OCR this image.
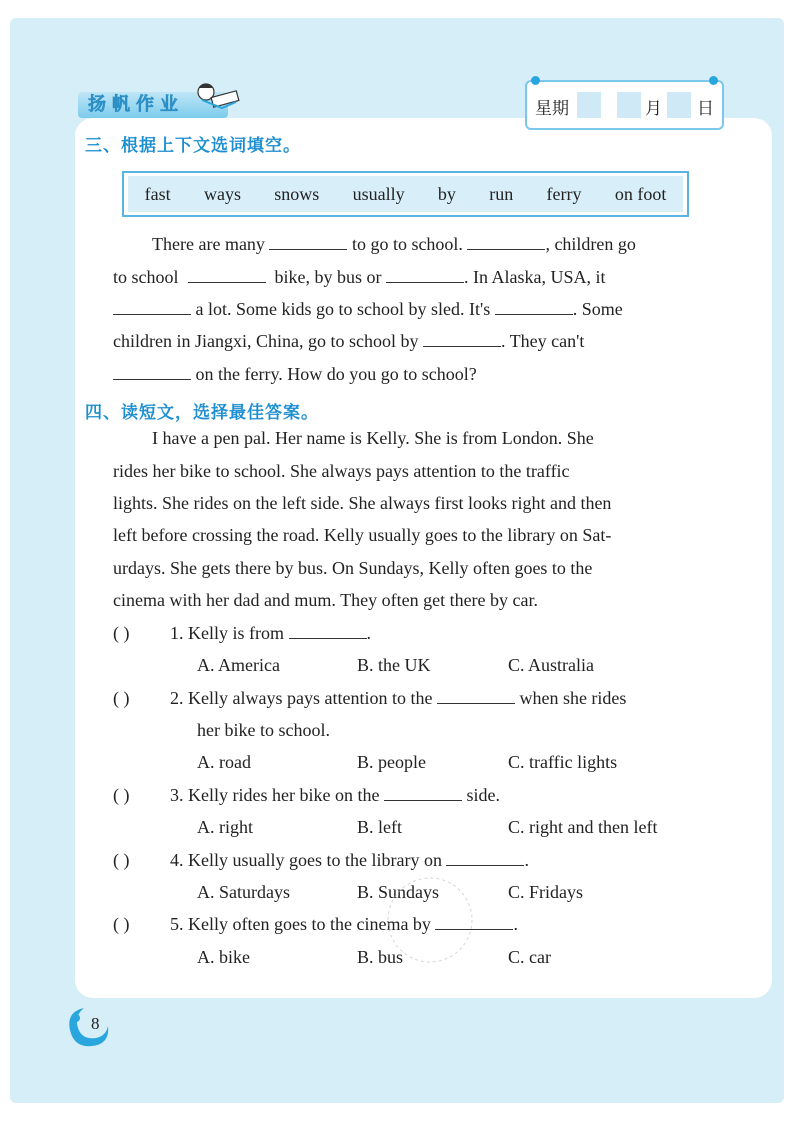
扬帆作业	星期	月 日
三、根据上下文选词填空。
fast ways snows usually by run ferry on foot
There are many	to go to school.	, children go
to school	bike, by bus or	. In Alaska, USA, it
a lot. Some kids go to school by sled. It's	. Some
children in Jiangxi, China, go to school by	. They can't
on the ferry. How do you go to school?
四、读短文，选择最佳答案。
I have a pen pal. Her name is Kelly. She is from London. She
rides her bike to school. She always pays attention to the traffic
lights. She rides on the left side. She always first looks right and then
left before crossing the road. Kelly usually goes to the library on Sat-
urdays. She gets there by bus. On Sundays, Kelly often goes to the
cinema with her dad and mum. They often get there by car.
( ) 1. Kelly is from	.
A. America	B. the UK	C. Australia
( ) 2. Kelly always pays attention to the	when she rides
her bike to school.
A. road	B. people	C. traffic lights
( ) 3. Kelly rides her bike on the	side.
A. right	B. left	C. right and then left
( ) 4. Kelly usually goes to the library on	.
A. Saturdays	B. Sundays	C. Fridays
( ) 5. Kelly often goes to the cinema by	.
A. bike	B. bus	C. car
8
